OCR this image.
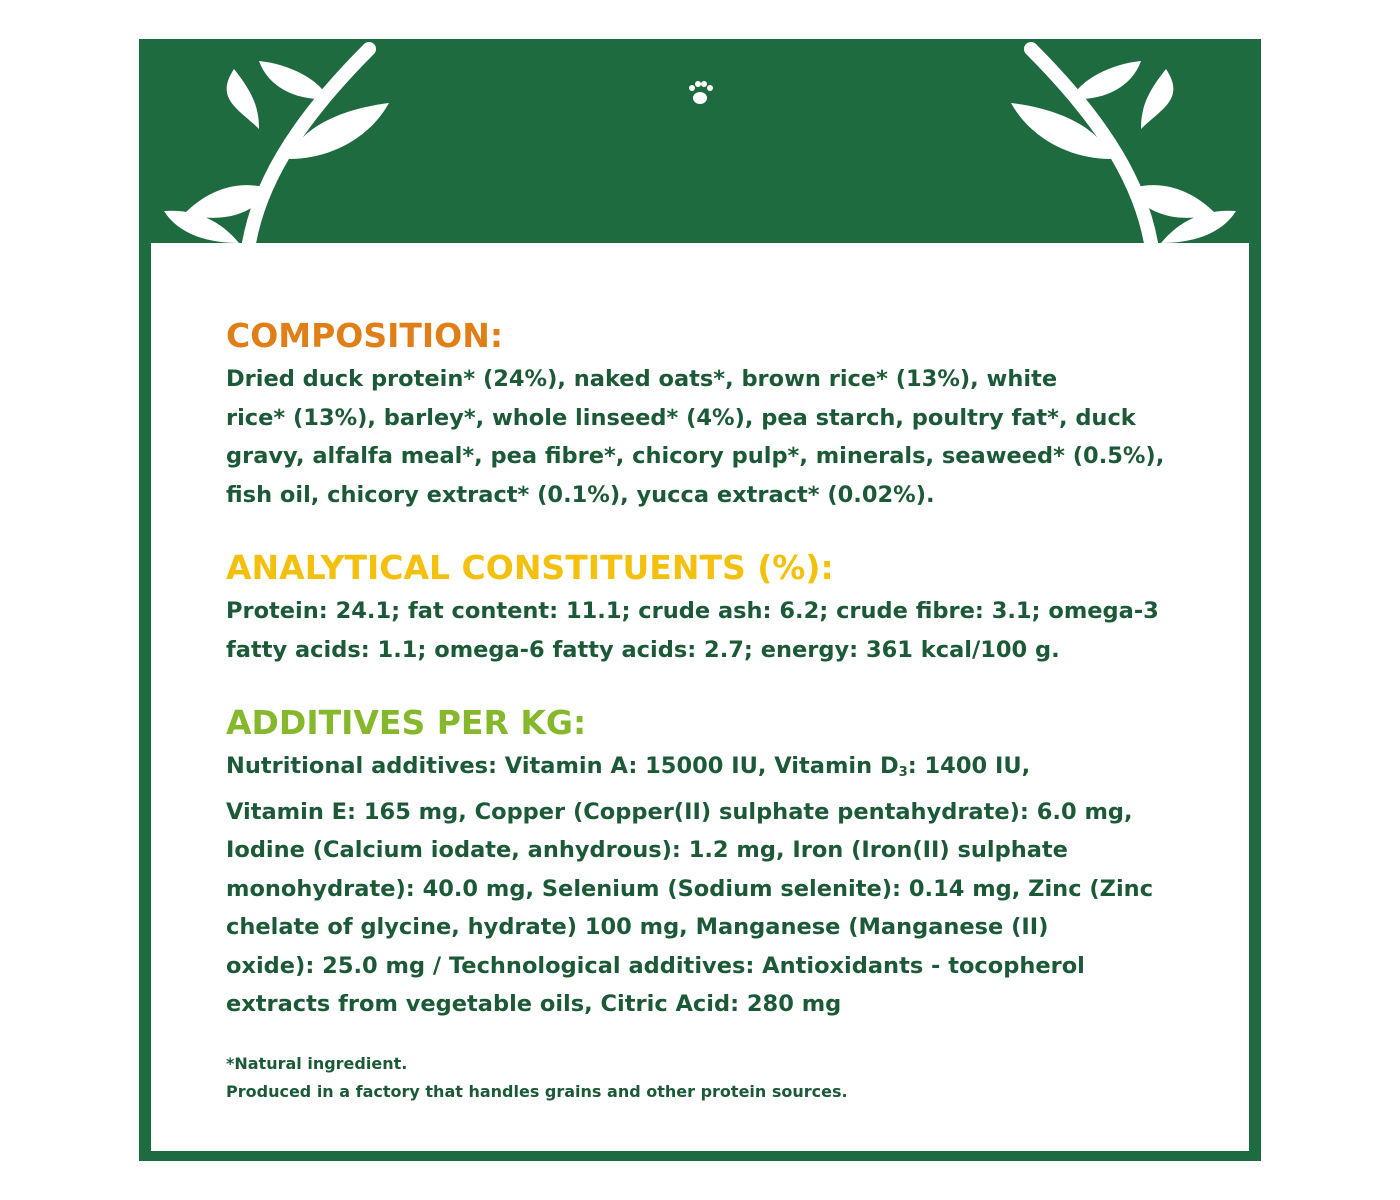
TM
INGREDIENTS
COMPOSITION:

Dried duck protein* (24%), naked oats*, brown rice* (13%), white
rice* (13%), barley*, whole linseed* (4%), pea starch, poultry fat*, duck
gravy, alfalfa meal*, pea fibre*, chicory pulp*, minerals, seaweed* (0.5%),
fish oil, chicory extract* (0.1%), yucca extract* (0.02%).

ANALYTICAL CONSTITUENTS (%):

Protein: 24.1; fat content: 11.1; crude ash: 6.2; crude fibre: 3.1; omega-3
fatty acids: 1.1; omega-6 fatty acids: 2.7; energy: 361 kcal/100 g.

ADDITIVES PER KG:

Nutritional additives: Vitamin A: 15000 IU, Vitamin $D_3$: 1400 IU,
Vitamin E: 165 mg, Copper (Copper(II) sulphate pentahydrate): 6.0 mg,
Iodine (Calcium iodate, anhydrous): 1.2 mg, Iron (Iron(II) sulphate
monohydrate): 40.0 mg, Selenium (Sodium selenite): 0.14 mg, Zinc (Zinc
chelate of glycine, hydrate) 100 mg, Manganese (Manganese (II)
oxide): 25.0 mg / Technological additives: Antioxidants - tocopherol
extracts from vegetable oils, Citric Acid: 280 mg

*Natural ingredient.

Produced in a factory that handles grains and other protein sources.
